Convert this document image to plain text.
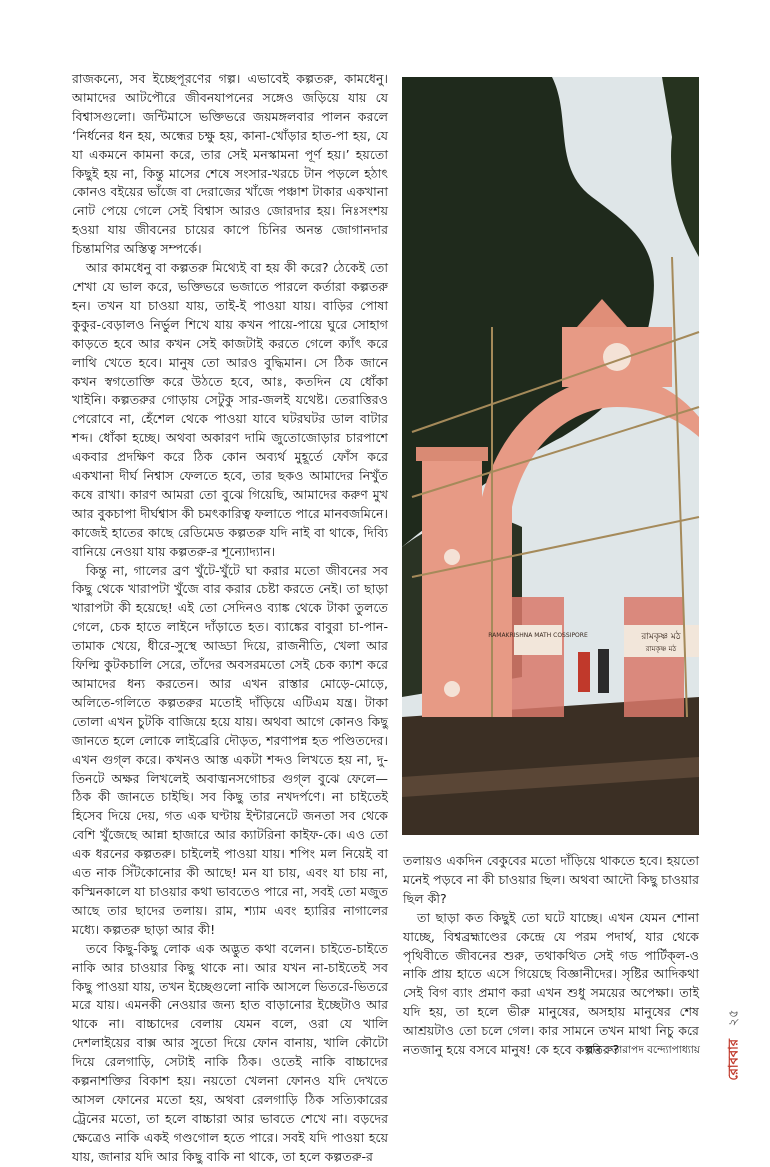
রাজকন্যে, সব ইচ্ছেপূরণের গল্প। এভাবেই কল্পতরু, কামধেনু। আমাদের আটপৌরে জীবনযাপনের সঙ্গেও জড়িয়ে যায় যে বিশ্বাসগুলো। জন্টিমাসে ভক্তিভরে জয়মঙ্গলবার পালন করলে ‘নির্ধনের ধন হয়, অন্ধের চক্ষু হয়, কানা-খোঁড়ার হাত-পা হয়, যে যা একমনে কামনা করে, তার সেই মনস্কামনা পূর্ণ হয়।’ হয়তো কিছুই হয় না, কিন্তু মাসের শেষে সংসার-খরচে টান পড়লে হঠাৎ কোনও বইয়ের ভাঁজে বা দেরাজের খাঁজে পঞ্চাশ টাকার একখানা নোট পেয়ে গেলে সেই বিশ্বাস আরও জোরদার হয়। নিঃসংশয় হওয়া যায় জীবনের চায়ের কাপে চিনির অনন্ত জোগানদার চিন্তামণির অস্তিত্ব সম্পর্কে।

আর কামধেনু বা কল্পতরু মিথ্যেই বা হয় কী করে? ঠেকেই তো শেখা যে ভাল করে, ভক্তিভরে ভজাতে পারলে কর্তারা কল্পতরু হন। তখন যা চাওয়া যায়, তাই-ই পাওয়া যায়। বাড়ির পোষা কুকুর-বেড়ালও নির্ভুল শিখে যায় কখন পায়ে-পায়ে ঘুরে সোহাগ কাড়তে হবে আর কখন সেই কাজটাই করতে গেলে ক্যাঁৎ করে লাথি খেতে হবে। মানুষ তো আরও বুদ্ধিমান। সে ঠিক জানে কখন স্বগতোক্তি করে উঠতে হবে, আঃ, কতদিন যে ধোঁকা খাইনি। কল্পতরুর গোড়ায় সেটুকু সার-জলই যথেষ্ট। তেরাত্তিরও পেরোবে না, হেঁশেল থেকে পাওয়া যাবে ঘটরঘটর ডাল বাটার শব্দ। ধোঁকা হচ্ছে। অথবা অকারণ দামি জুতোজোড়ার চারপাশে একবার প্রদক্ষিণ করে ঠিক কোন অব্যর্থ মুহূর্তে ফোঁস করে একখানা দীর্ঘ নিশ্বাস ফেলতে হবে, তার ছকও আমাদের নিখুঁত কষে রাখা। কারণ আমরা তো বুঝে গিয়েছি, আমাদের করুণ মুখ আর বুকচাপা দীর্ঘশ্বাস কী চমৎকারিত্ব ফলাতে পারে মানবজমিনে। কাজেই হাতের কাছে রেডিমেড কল্পতরু যদি নাই বা থাকে, দিব্যি বানিয়ে নেওয়া যায় কল্পতরু-র শূন্যোদ্যান।

কিন্তু না, গালের ব্রণ খুঁটে-খুঁটে ঘা করার মতো জীবনের সব কিছু থেকে খারাপটা খুঁজে বার করার চেষ্টা করতে নেই। তা ছাড়া খারাপটা কী হয়েছে! এই তো সেদিনও ব্যাঙ্ক থেকে টাকা তুলতে গেলে, চেক হাতে লাইনে দাঁড়াতে হত। ব্যাঙ্কের বাবুরা চা-পান-তামাক খেয়ে, ধীরে-সুস্থে আড্ডা দিয়ে, রাজনীতি, খেলা আর ফিল্মি কুটকচালি সেরে, তাঁদের অবসরমতো সেই চেক ক্যাশ করে আমাদের ধন্য করতেন। আর এখন রাস্তার মোড়ে-মোড়ে, অলিতে-গলিতে কল্পতরুর মতোই দাঁড়িয়ে এটিএম যন্ত্র। টাকা তোলা এখন চুটকি বাজিয়ে হয়ে যায়। অথবা আগে কোনও কিছু জানতে হলে লোকে লাইব্রেরি দৌড়ত, শরণাপন্ন হত পণ্ডিতদের। এখন গুগ্‌ল করে। কখনও আস্ত একটা শব্দও লিখতে হয় না, দু-তিনটে অক্ষর লিখলেই অবাঙ্মনসগোচর গুগ্‌ল বুঝে ফেলে—ঠিক কী জানতে চাইছি। সব কিছু তার নখদর্পণে। না চাইতেই হিসেব দিয়ে দেয়, গত এক ঘণ্টায় ইন্টারনেটে জনতা সব থেকে বেশি খুঁজেছে আন্না হাজারে আর ক্যাটরিনা কাইফ-কে। এও তো এক ধরনের কল্পতরু। চাইলেই পাওয়া যায়। শপিং মল নিয়েই বা এত নাক সিঁটকোনোর কী আছে! মন যা চায়, এবং যা চায় না, কস্মিনকালে যা চাওয়ার কথা ভাবতেও পারে না, সবই তো মজুত আছে তার ছাদের তলায়। রাম, শ্যাম এবং হ্যারির নাগালের মধ্যে। কল্পতরু ছাড়া আর কী!

তবে কিছু-কিছু লোক এক অদ্ভুত কথা বলেন। চাইতে-চাইতে নাকি আর চাওয়ার কিছু থাকে না। আর যখন না-চাইতেই সব কিছু পাওয়া যায়, তখন ইচ্ছেগুলো নাকি আসলে ভিতরে-ভিতরে মরে যায়। এমনকী নেওয়ার জন্য হাত বাড়ানোর ইচ্ছেটাও আর থাকে না। বাচ্চাদের বেলায় যেমন বলে, ওরা যে খালি দেশলাইয়ের বাক্স আর সুতো দিয়ে ফোন বানায়, খালি কৌটো দিয়ে রেলগাড়ি, সেটাই নাকি ঠিক। ওতেই নাকি বাচ্চাদের কল্পনাশক্তির বিকাশ হয়। নয়তো খেলনা ফোনও যদি দেখতে আসল ফোনের মতো হয়, অথবা রেলগাড়ি ঠিক সত্যিকারের ট্রেনের মতো, তা হলে বাচ্চারা আর ভাবতে শেখে না। বড়দের ক্ষেত্রেও নাকি একই গণ্ডগোল হতে পারে। সবই যদি পাওয়া হয়ে যায়, জানার যদি আর কিছু বাকি না থাকে, তা হলে কল্পতরু-র

RAMAKRISHNA MATH COSSIPORE	রামকৃষ্ণ মঠ
রামকৃষ্ণ মঠ

তলায়ও একদিন বেকুবের মতো দাঁড়িয়ে থাকতে হবে। হয়তো মনেই পড়বে না কী চাওয়ার ছিল। অথবা আদৌ কিছু চাওয়ার ছিল কী?

তা ছাড়া কত কিছুই তো ঘটে যাচ্ছে। এখন যেমন শোনা যাচ্ছে, বিশ্বব্রহ্মাণ্ডের কেন্দ্রে যে পরম পদার্থ, যার থেকে পৃথিবীতে জীবনের শুরু, তথাকথিত সেই গড পার্টিক্‌ল-ও নাকি প্রায় হাতে এসে গিয়েছে বিজ্ঞানীদের। সৃষ্টির আদিকথা সেই বিগ ব্যাং প্রমাণ করা এখন শুধু সময়ের অপেক্ষা। তাই যদি হয়, তা হলে ভীরু মানুষের, অসহায় মানুষের শেষ আশ্রয়টাও তো চলে গেল। কার সামনে তখন মাথা নিচু করে নতজানু হয়ে বসবে মানুষ! কে হবে কল্পতরু?

ছবি : তারাপদ বন্দ্যোপাধ্যায় রোববার ২৫
